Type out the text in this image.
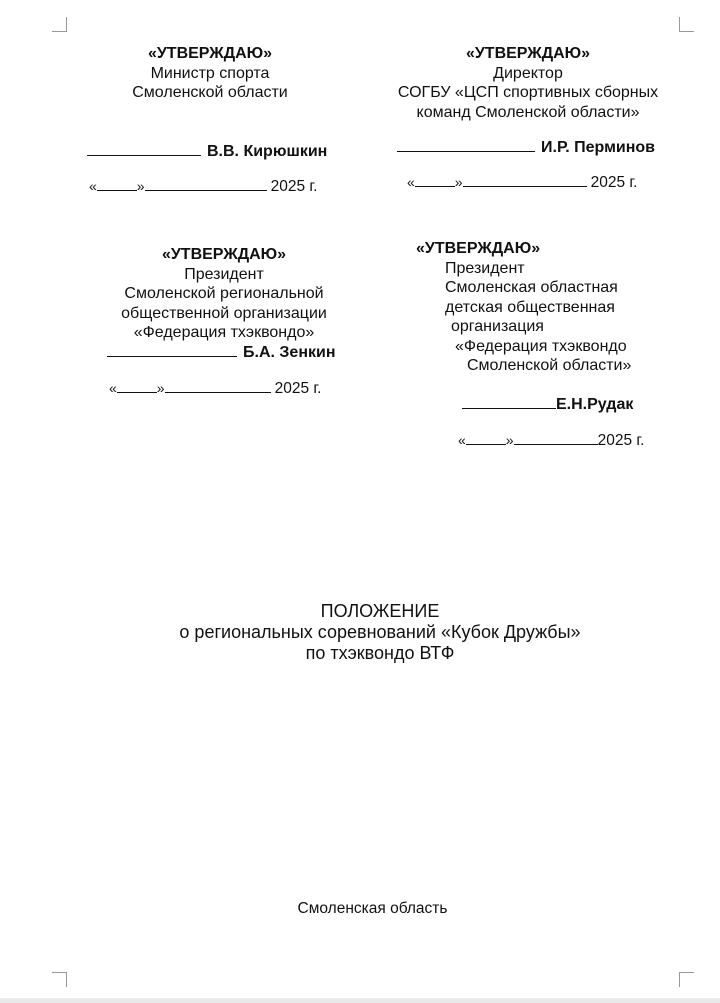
«УТВЕРЖДАЮ»
Министр спорта
Смоленской области
В.В. Кирюшкин
«	»	2025 г.
«УТВЕРЖДАЮ»
Директор
СОГБУ «ЦСП спортивных сборных
команд Смоленской области»
И.Р. Перминов
«	»	2025 г.
«УТВЕРЖДАЮ»
Президент
Смоленской региональной
общественной организации
«Федерация тхэквондо»
Б.А. Зенкин
«	»	2025 г.
«УТВЕРЖДАЮ»
Президент
Смоленская областная
детская общественная
организация
«Федерация тхэквондо
Смоленской области»
Е.Н.Рудак
«	»	2025 г.
ПОЛОЖЕНИЕ
о региональных соревнований «Кубок Дружбы»
по тхэквондо ВТФ
Смоленская область
